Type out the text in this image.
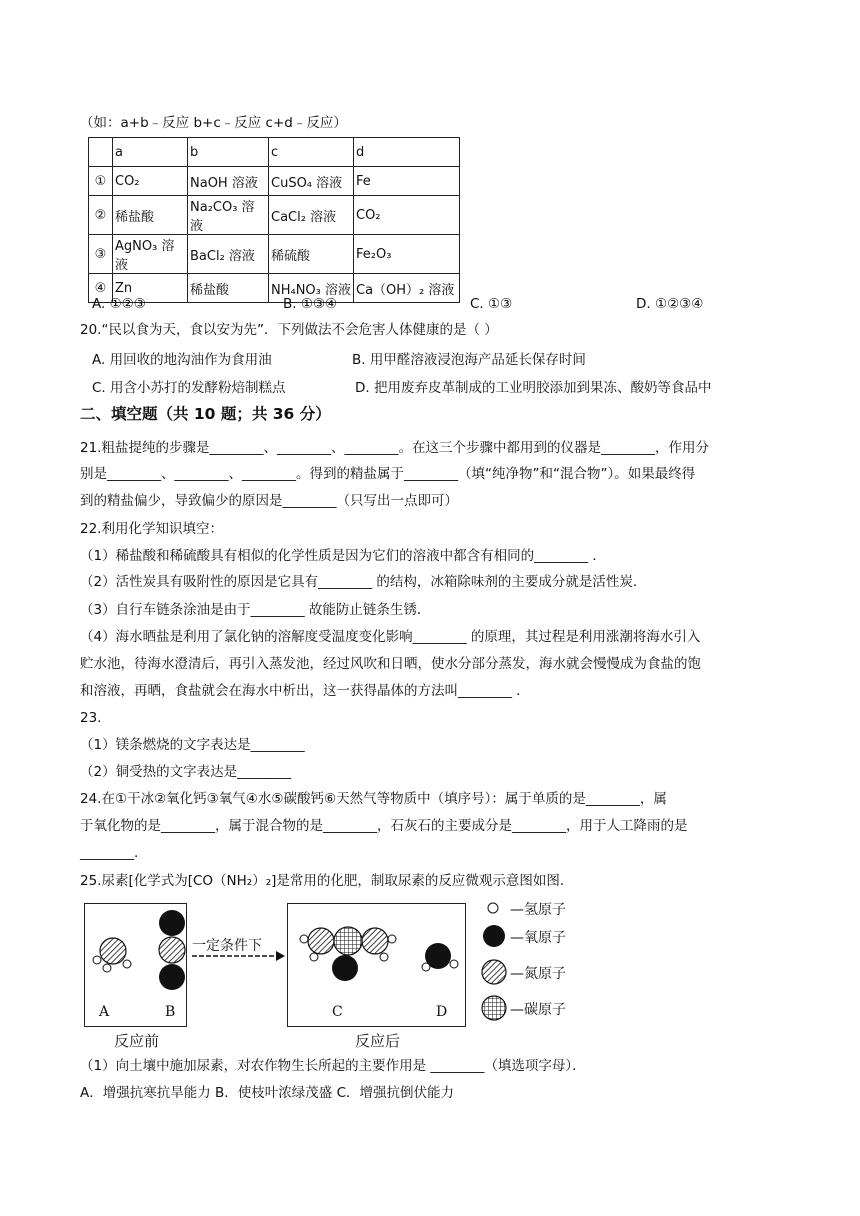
（如：a+b﹣反应 b+c﹣反应 c+d﹣反应）
	a	b	c	d
①	CO₂	NaOH 溶液	CuSO₄ 溶液	Fe
②	稀盐酸	Na₂CO₃ 溶液	CaCl₂ 溶液	CO₂
③	AgNO₃ 溶液	BaCl₂ 溶液	稀硫酸	Fe₂O₃
④	Zn	稀盐酸	NH₄NO₃ 溶液	Ca（OH）₂ 溶液
A. ①②③	B. ①③④	C. ①③	D. ①②③④
20.“民以食为天，食以安为先”．下列做法不会危害人体健康的是（ ）
A. 用回收的地沟油作为食用油	B. 用甲醛溶液浸泡海产品延长保存时间
C. 用含小苏打的发酵粉焙制糕点	D. 把用废弃皮革制成的工业明胶添加到果冻、酸奶等食品中
二、填空题（共 10 题；共 36 分）
21.粗盐提纯的步骤是________、________、________。在这三个步骤中都用到的仪器是________，作用分
别是________、________、________。得到的精盐属于________（填“纯净物”和“混合物”）。如果最终得
到的精盐偏少，导致偏少的原因是________（只写出一点即可）
22.利用化学知识填空：
（1）稀盐酸和稀硫酸具有相似的化学性质是因为它们的溶液中都含有相同的________ ．
（2）活性炭具有吸附性的原因是它具有________ 的结构，冰箱除味剂的主要成分就是活性炭．
（3）自行车链条涂油是由于________ 故能防止链条生锈．
（4）海水晒盐是利用了氯化钠的溶解度受温度变化影响________ 的原理，其过程是利用涨潮将海水引入
贮水池，待海水澄清后，再引入蒸发池，经过风吹和日晒，使水分部分蒸发，海水就会慢慢成为食盐的饱
和溶液，再晒，食盐就会在海水中析出，这一获得晶体的方法叫________ ．
23.
（1）镁条燃烧的文字表达是________
（2）铜受热的文字表达是________
24.在①干冰②氧化钙③氧气④水⑤碳酸钙⑥天然气等物质中（填序号）：属于单质的是________，属
于氧化物的是________，属于混合物的是________，石灰石的主要成分是________，用于人工降雨的是
________.
25.尿素[化学式为[CO（NH₂）₂]是常用的化肥，制取尿素的反应微观示意图如图．
A	B
一定条件下
C	D
—氢原子
—氧原子
—氮原子
—碳原子
反应前	反应后
（1）向土壤中施加尿素，对农作物生长所起的主要作用是 ________（填选项字母）．
A．增强抗寒抗旱能力 B．使枝叶浓绿茂盛 C．增强抗倒伏能力
